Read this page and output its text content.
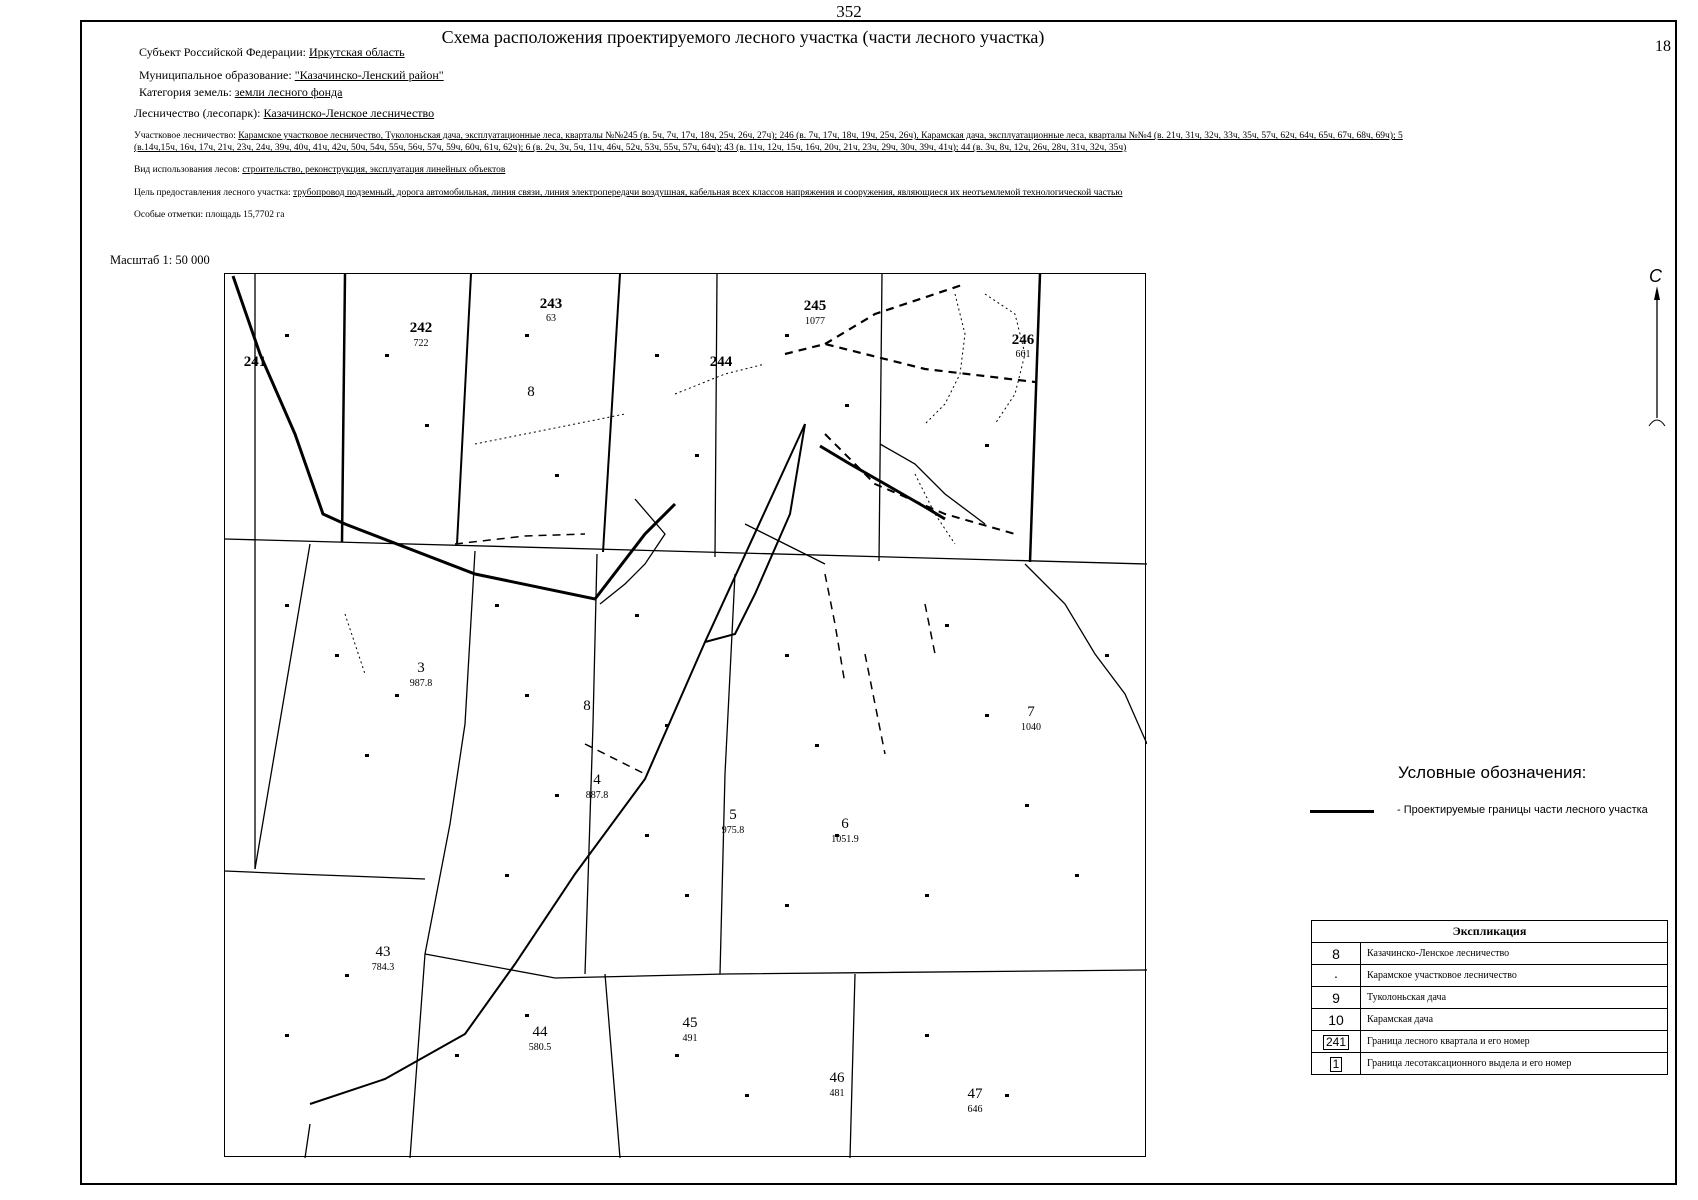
352
Схема расположения проектируемого лесного участка (части лесного участка)	18
Субъект Российской Федерации: Иркутская область
Муниципальное образование: "Казачинско-Ленский район"
Категория земель: земли лесного фонда
Лесничество (лесопарк): Казачинско-Ленское лесничество
Участковое лесничество: Карамское участковое лесничество, Туколоньская дача, эксплуатационные леса, кварталы №№245 (в. 5ч, 7ч, 17ч, 18ч, 25ч, 26ч, 27ч); 246 (в. 7ч, 17ч, 18ч, 19ч, 25ч, 26ч), Карамская дача, эксплуатационные леса, кварталы №№4 (в. 21ч, 31ч, 32ч, 33ч, 35ч, 57ч, 62ч, 64ч, 65ч, 67ч, 68ч, 69ч); 5
(в.14ч,15ч, 16ч, 17ч, 21ч, 23ч, 24ч, 39ч, 40ч, 41ч, 42ч, 50ч, 54ч, 55ч, 56ч, 57ч, 59ч, 60ч, 61ч, 62ч); 6 (в. 2ч, 3ч, 5ч, 11ч, 46ч, 52ч, 53ч, 55ч, 57ч, 64ч); 43 (в. 11ч, 12ч, 15ч, 16ч, 20ч, 21ч, 23ч, 29ч, 30ч, 39ч, 41ч); 44 (в. 3ч, 8ч, 12ч, 26ч, 28ч, 31ч, 32ч, 35ч)
Вид использования лесов: строительство, реконструкция, эксплуатация линейных объектов
Цель предоставления лесного участка: трубопровод подземный, дорога автомобильная, линия связи, линия электропередачи воздушная, кабельная всех классов напряжения и сооружения, являющиеся их неотъемлемой технологической частью
Особые отметки: площадь 15,7702 га
Масштаб 1: 50 000
241
242
722
243
63
244
245
1077
246
661
8
3
987.8
8
4
887.8
5
975.8	6
1051.9
7
1040
43
784.3
44
580.5
45
491
46
481	47
646
С
Условные обозначения:
- Проектируемые границы части лесного участка
Экспликация	
8	Казачинско-Ленское лесничество
·	Карамское участковое лесничество
9	Туколоньская дача
10	Карамская дача
241	Граница лесного квартала и его номер
1	Граница лесотаксационного выдела и его номер
